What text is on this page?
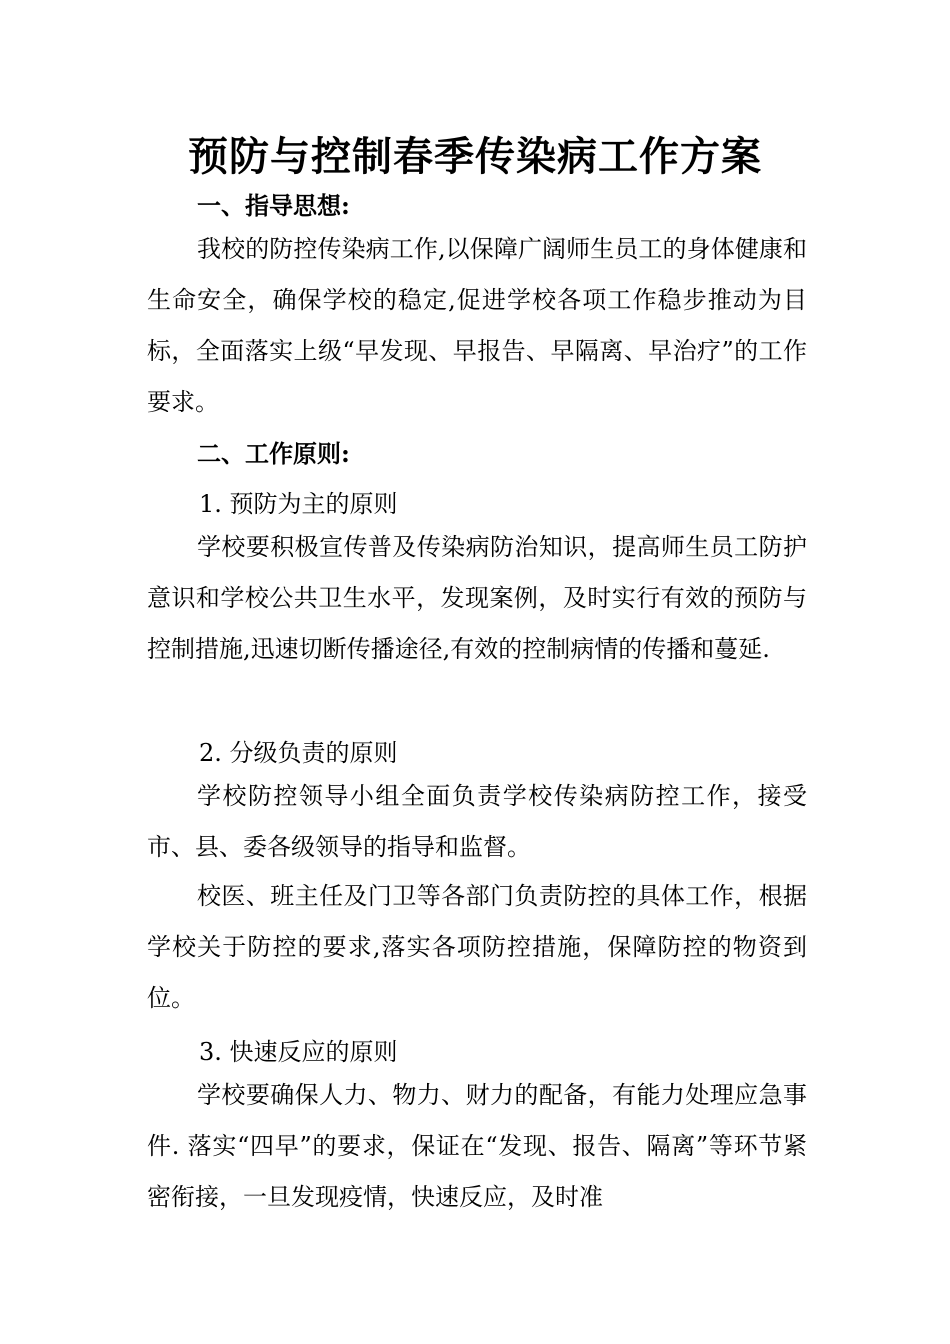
预防与控制春季传染病工作方案
一、指导思想:

我校的防控传染病工作,以保障广阔师生员工的身体健康和生命安全，确保学校的稳定,促进学校各项工作稳步推动为目标，全面落实上级“早发现、早报告、早隔离、早治疗”的工作要求。

二、工作原则:

1. 预防为主的原则

学校要积极宣传普及传染病防治知识，提高师生员工防护意识和学校公共卫生水平，发现案例，及时实行有效的预防与控制措施,迅速切断传播途径,有效的控制病情的传播和蔓延.

2. 分级负责的原则

学校防控领导小组全面负责学校传染病防控工作，接受市、县、委各级领导的指导和监督。

校医、班主任及门卫等各部门负责防控的具体工作，根据学校关于防控的要求,落实各项防控措施，保障防控的物资到位。

3. 快速反应的原则

学校要确保人力、物力、财力的配备，有能力处理应急事件. 落实“四早”的要求，保证在“发现、报告、隔离”等环节紧密衔接，一旦发现疫情，快速反应，及时准
